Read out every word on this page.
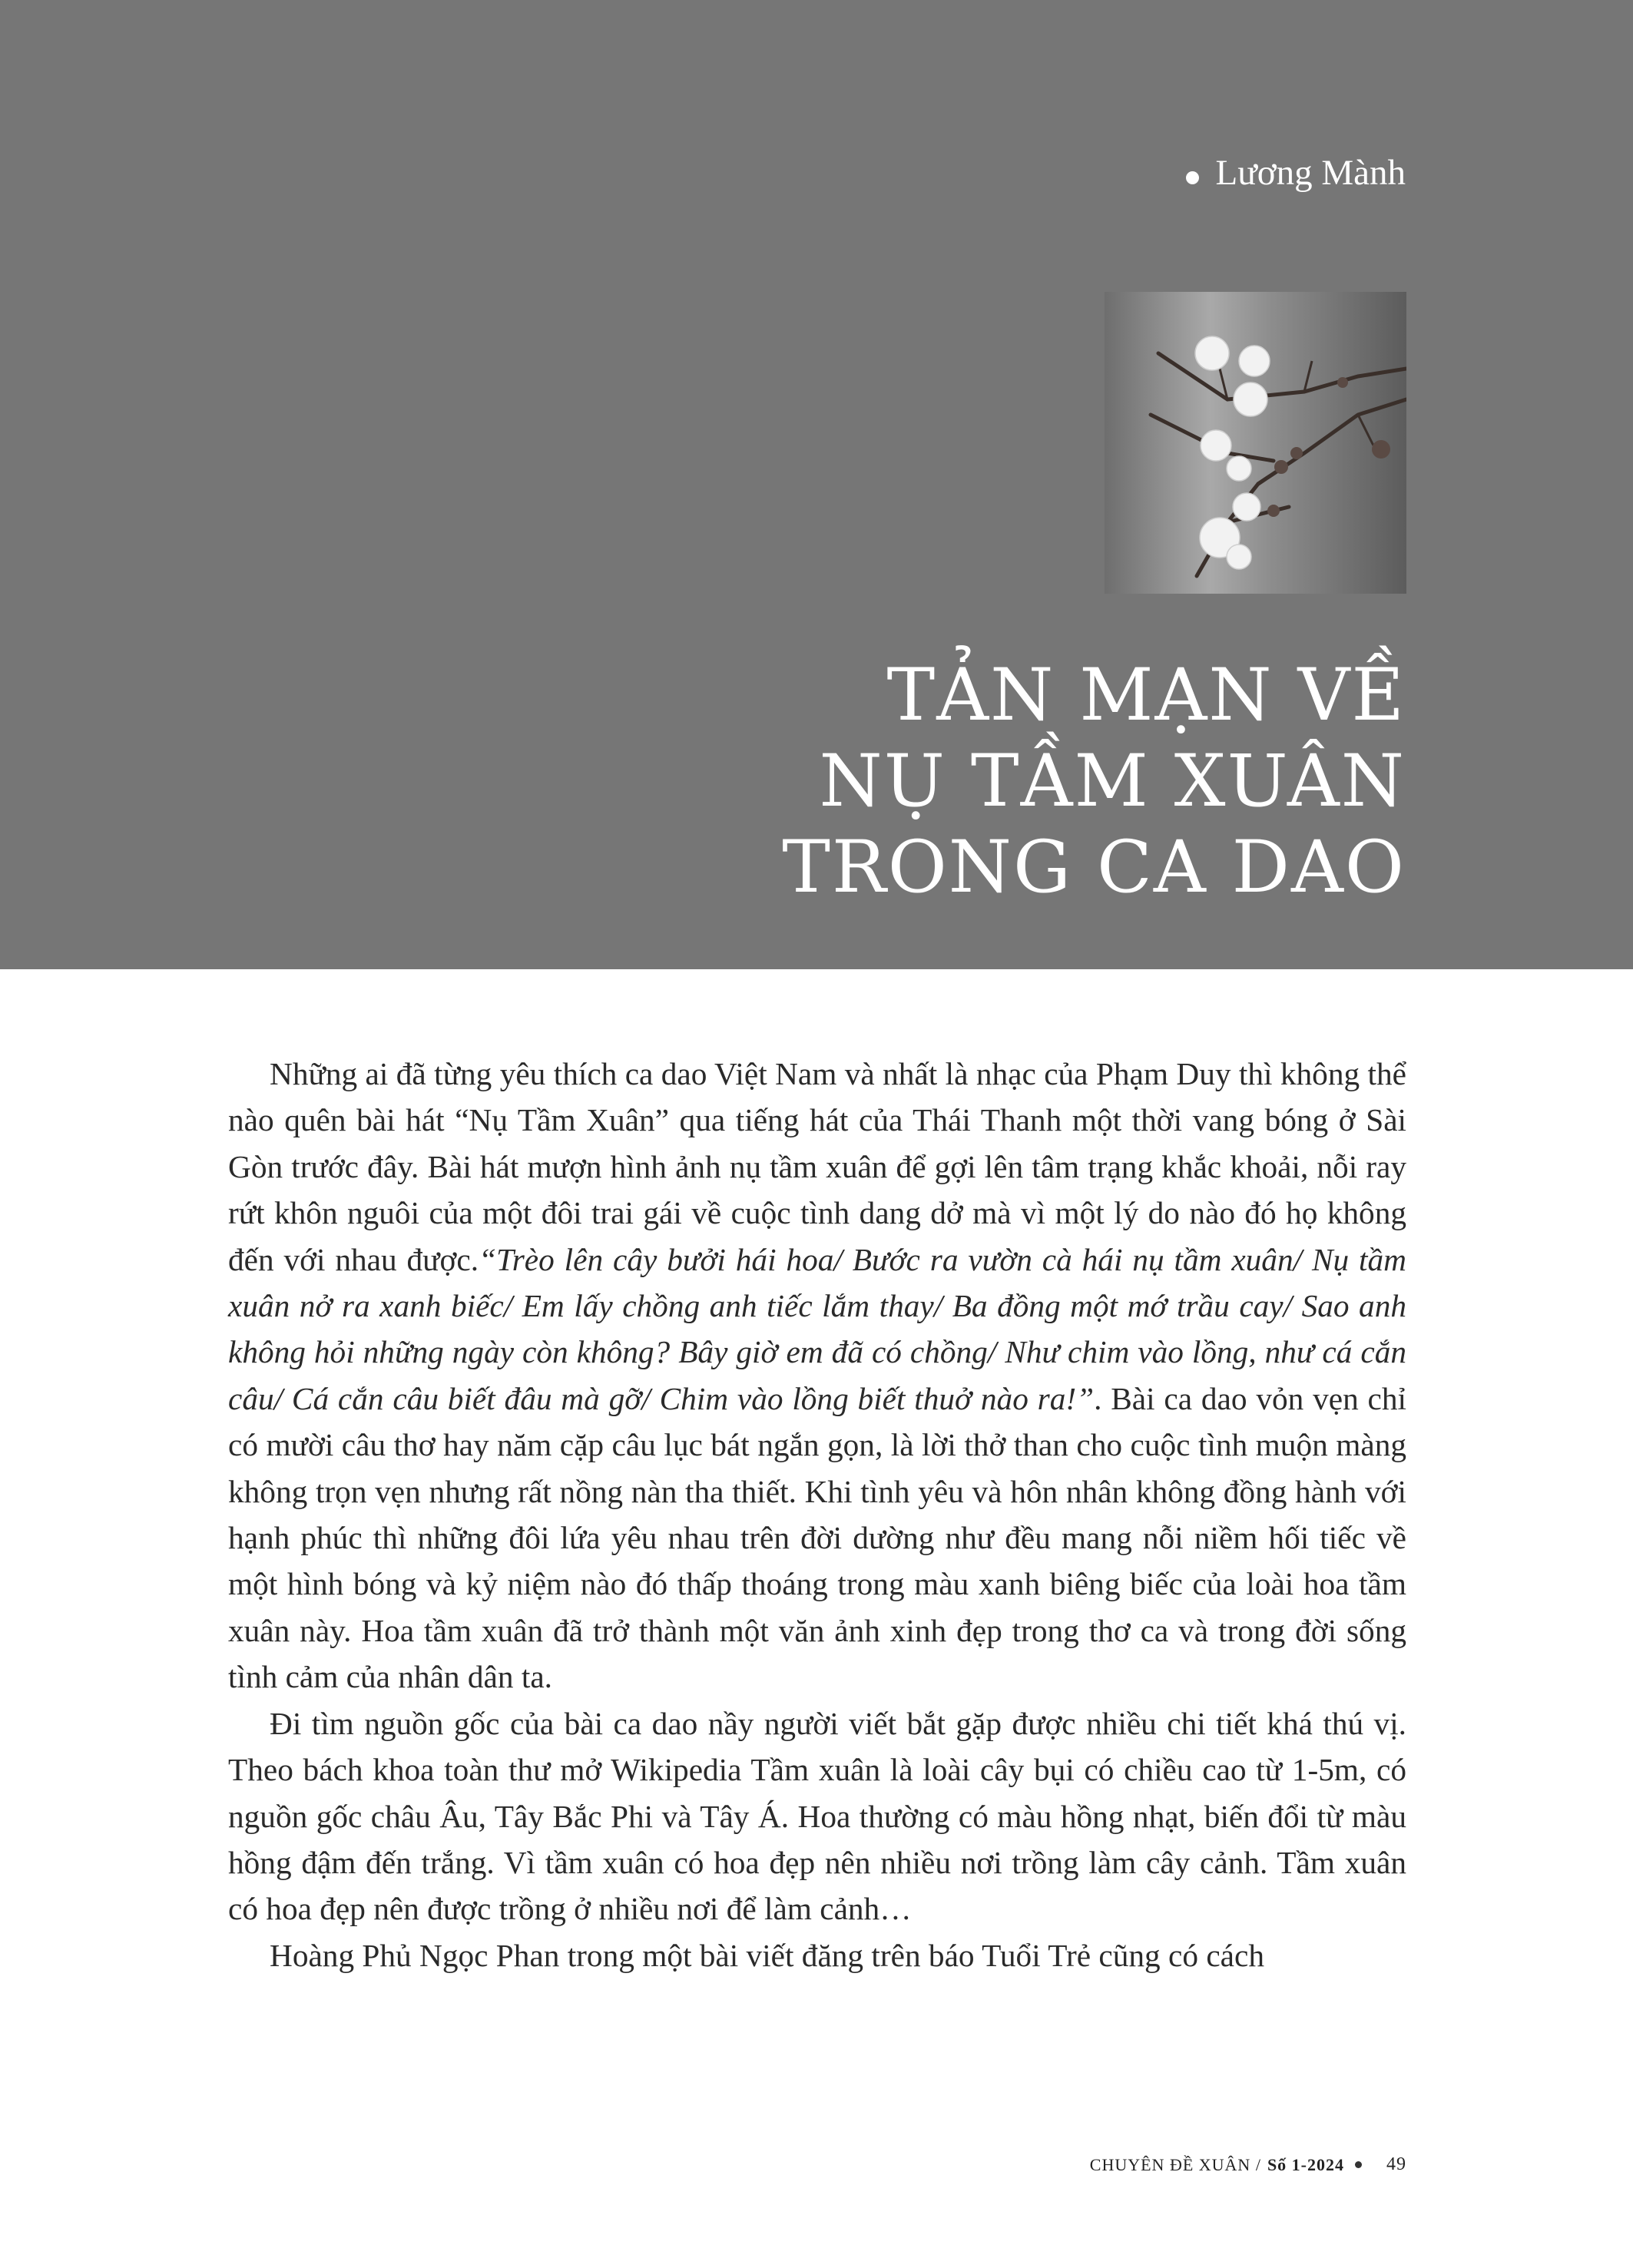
Lương Mành
TẢN MẠN VỀ
NỤ TẦM XUÂN
TRONG CA DAO

Những ai đã từng yêu thích ca dao Việt Nam và nhất là nhạc của Phạm Duy thì không thể nào quên bài hát “Nụ Tầm Xuân” qua tiếng hát của Thái Thanh một thời vang bóng ở Sài Gòn trước đây. Bài hát mượn hình ảnh nụ tầm xuân để gợi lên tâm trạng khắc khoải, nỗi ray rứt khôn nguôi của một đôi trai gái về cuộc tình dang dở mà vì một lý do nào đó họ không đến với nhau được.“Trèo lên cây bưởi hái hoa/ Bước ra vườn cà hái nụ tầm xuân/ Nụ tầm xuân nở ra xanh biếc/ Em lấy chồng anh tiếc lắm thay/ Ba đồng một mớ trầu cay/ Sao anh không hỏi những ngày còn không? Bây giờ em đã có chồng/ Như chim vào lồng, như cá cắn câu/ Cá cắn câu biết đâu mà gỡ/ Chim vào lồng biết thuở nào ra!”. Bài ca dao vỏn vẹn chỉ có mười câu thơ hay năm cặp câu lục bát ngắn gọn, là lời thở than cho cuộc tình muộn màng không trọn vẹn nhưng rất nồng nàn tha thiết. Khi tình yêu và hôn nhân không đồng hành với hạnh phúc thì những đôi lứa yêu nhau trên đời dường như đều mang nỗi niềm hối tiếc về một hình bóng và kỷ niệm nào đó thấp thoáng trong màu xanh biêng biếc của loài hoa tầm xuân này. Hoa tầm xuân đã trở thành một văn ảnh xinh đẹp trong thơ ca và trong đời sống tình cảm của nhân dân ta.

Đi tìm nguồn gốc của bài ca dao nầy người viết bắt gặp được nhiều chi tiết khá thú vị. Theo bách khoa toàn thư mở Wikipedia Tầm xuân là loài cây bụi có chiều cao từ 1-5m, có nguồn gốc châu Âu, Tây Bắc Phi và Tây Á. Hoa thường có màu hồng nhạt, biến đổi từ màu hồng đậm đến trắng. Vì tầm xuân có hoa đẹp nên nhiều nơi trồng làm cây cảnh. Tầm xuân có hoa đẹp nên được trồng ở nhiều nơi để làm cảnh…

Hoàng Phủ Ngọc Phan trong một bài viết đăng trên báo Tuổi Trẻ cũng có cách

CHUYÊN ĐỀ XUÂN / Số 1-2024 49
